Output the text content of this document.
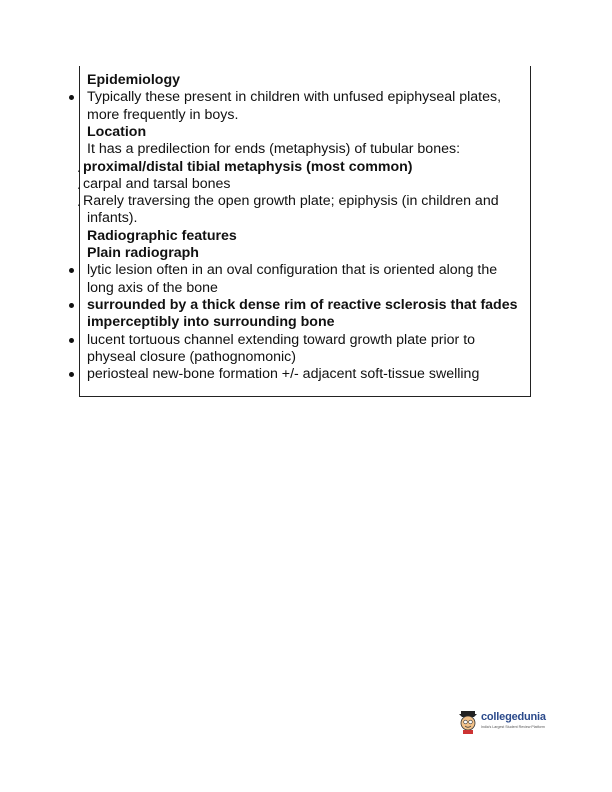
Epidemiology
Typically these present in children with unfused epiphyseal plates,
more frequently in boys.
Location
It has a predilection for ends (metaphysis) of tubular bones:
. proximal/distal tibial metaphysis (most common)
. carpal and tarsal bones
. Rarely traversing the open growth plate; epiphysis (in children and
infants).
Radiographic features
Plain radiograph
lytic lesion often in an oval configuration that is oriented along the
long axis of the bone
surrounded by a thick dense rim of reactive sclerosis that fades
imperceptibly into surrounding bone
lucent tortuous channel extending toward growth plate prior to
physeal closure (pathognomonic)
periosteal new-bone formation +/- adjacent soft-tissue swelling
collegedunia
India's Largest Student Review Platform
